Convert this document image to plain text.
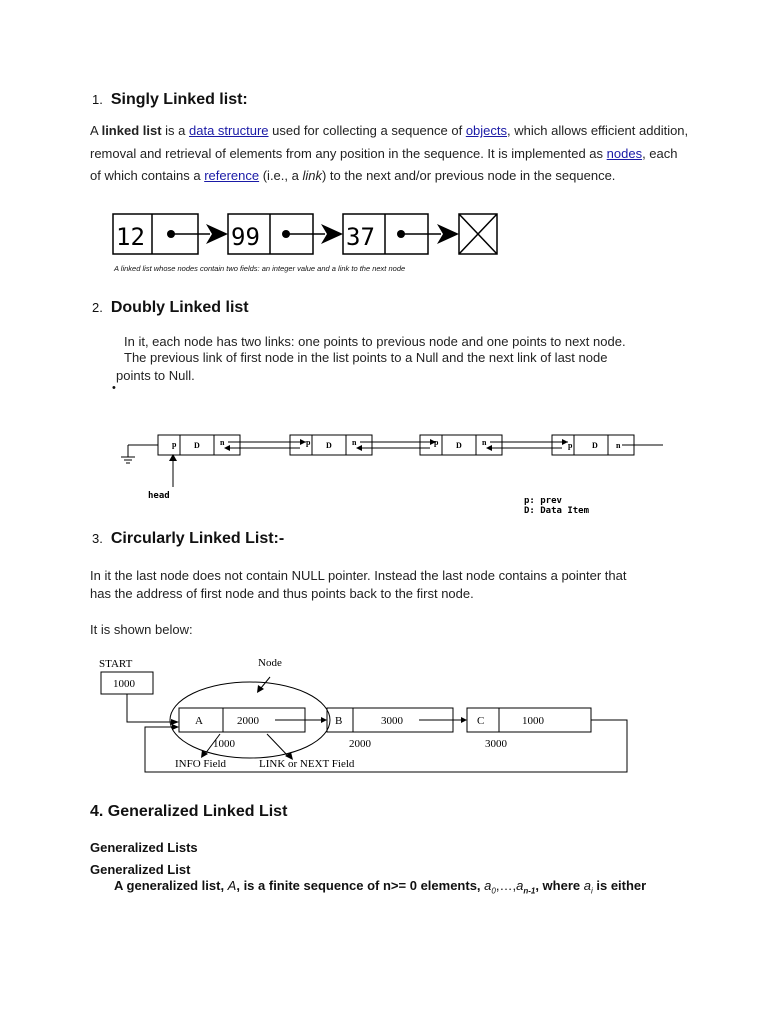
1. Singly Linked list:
A linked list is a data structure used for collecting a sequence of objects, which allows efficient addition, removal and retrieval of elements from any position in the sequence. It is implemented as nodes, each of which contains a reference (i.e., a link) to the next and/or previous node in the sequence.
12	99	37
A linked list whose nodes contain two fields: an integer value and a link to the next node
2. Doubly Linked list
In it, each node has two links: one points to previous node and one points to next node.
The previous link of first node in the list points to a Null and the next link of last node
points to Null.
•
p D	n	p D	n	p D	n	p D n
head	p: prev
D: Data Item
3. Circularly Linked List:-
In it the last node does not contain NULL pointer. Instead the last node contains a pointer that
has the address of first node and thus points back to the first node.
It is shown below:
START
1000
Node
A	2000
1000
B	3000
2000
C	1000
3000
INFO Field	LINK or NEXT Field
4. Generalized Linked List
Generalized Lists
Generalized List
A generalized list, A, is a finite sequence of n>= 0 elements, $a_0,\dots,a_{n-1}$, where $a_i$ is either
